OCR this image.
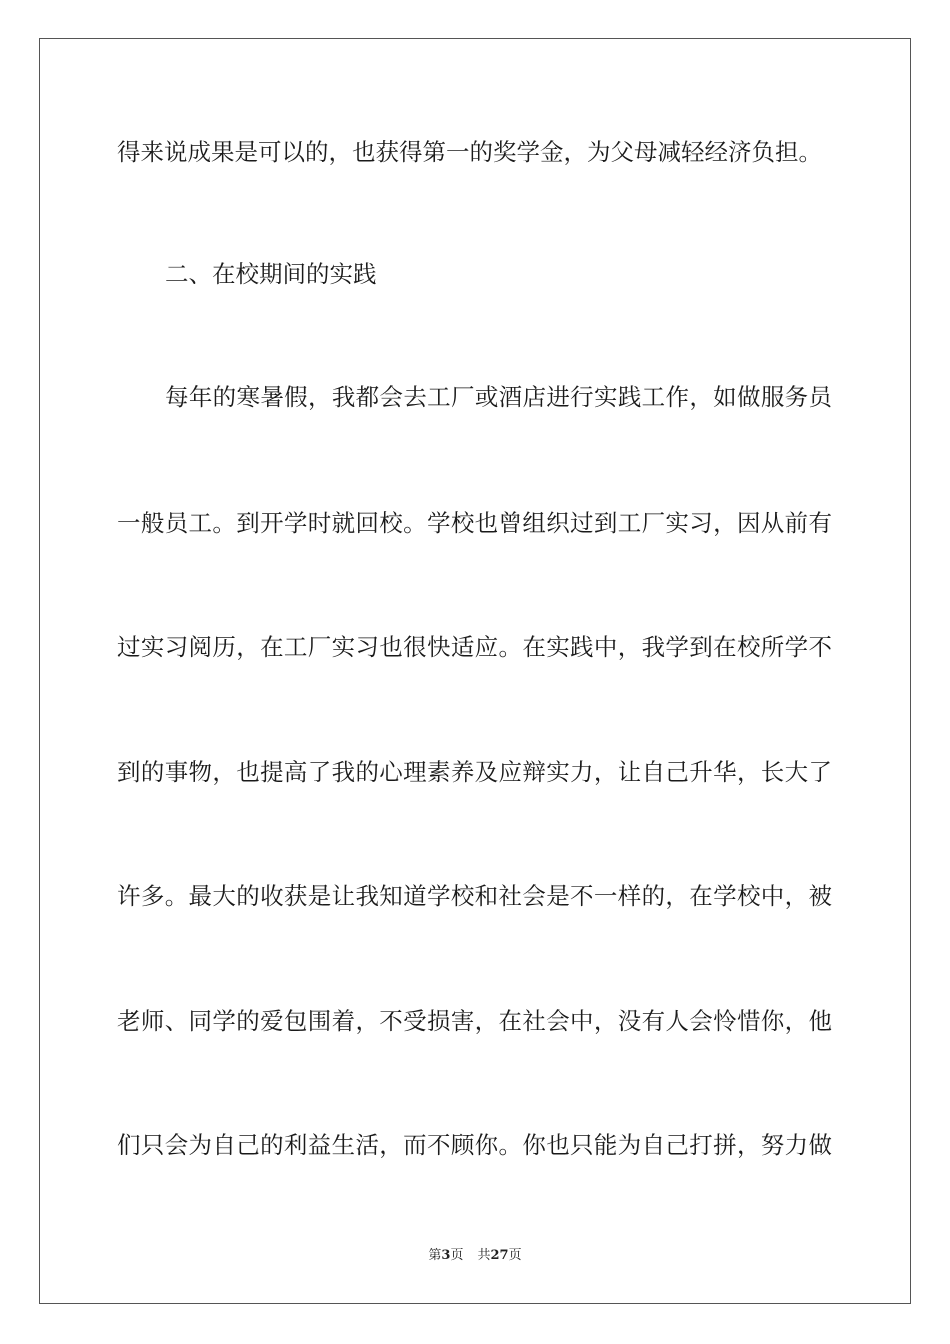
得来说成果是可以的，也获得第一的奖学金，为父母减轻经济负担。
二、在校期间的实践
每年的寒暑假，我都会去工厂或酒店进行实践工作，如做服务员
一般员工。到开学时就回校。学校也曾组织过到工厂实习，因从前有
过实习阅历，在工厂实习也很快适应。在实践中，我学到在校所学不
到的事物，也提高了我的心理素养及应辩实力，让自己升华，长大了
许多。最大的收获是让我知道学校和社会是不一样的，在学校中，被
老师、同学的爱包围着，不受损害，在社会中，没有人会怜惜你，他
们只会为自己的利益生活，而不顾你。你也只能为自己打拼，努力做
第3页 共27页
